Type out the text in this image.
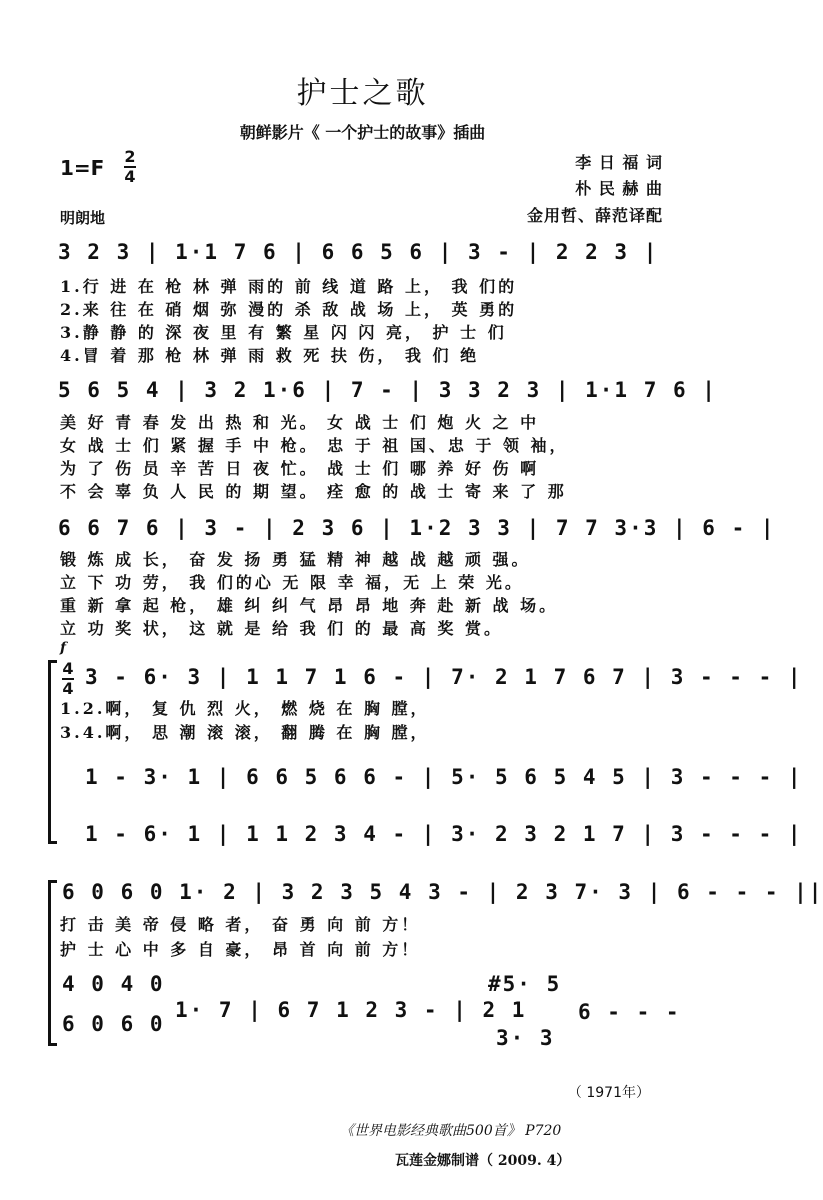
护士之歌
朝鲜影片《 一个护士的故事》插曲
1=F 2
4
李 日 福 词
朴 民 赫 曲
金用哲、薛范译配
明朗地
3 2 3 | 1·1 7 6 | 6 6 5 6 | 3 - | 2 2 3 |
1.行 进 在 枪 林 弹 雨的 前 线 道 路 上， 我 们的
2.来 往 在 硝 烟 弥 漫的 杀 敌 战 场 上， 英 勇的
3.静 静 的 深 夜 里 有 繁 星 闪 闪 亮， 护 士 们
4.冒 着 那 枪 林 弹 雨 救 死 扶 伤， 我 们 绝
5 6 5 4 | 3 2 1·6 | 7 - | 3 3 2 3 | 1·1 7 6 |
美 好 青 春 发 出 热 和 光。 女 战 士 们 炮 火 之 中
女 战 士 们 紧 握 手 中 枪。 忠 于 祖 国、忠 于 领 袖，
为 了 伤 员 辛 苦 日 夜 忙。 战 士 们 哪 养 好 伤 啊
不 会 辜 负 人 民 的 期 望。 痊 愈 的 战 士 寄 来 了 那
6 6 7 6 | 3 - | 2 3 6 | 1·2 3 3 | 7 7 3·3 | 6 - |
锻 炼 成 长， 奋 发 扬 勇 猛 精 神 越 战 越 顽 强。
立 下 功 劳， 我 们的心 无 限 幸 福，无 上 荣 光。
重 新 拿 起 枪， 雄 纠 纠 气 昂 昂 地 奔 赴 新 战 场。
立 功 奖 状， 这 就 是 给 我 们 的 最 高 奖 赏。
f
4
4 3 - 6· 3 | 1 1 7 1 6 - | 7· 2 1 7 6 7 | 3 - - - |
1.2.啊， 复 仇 烈 火， 燃 烧 在 胸 膛，
3.4.啊， 思 潮 滚 滚， 翻 腾 在 胸 膛，
1 - 3· 1 | 6 6 5 6 6 - | 5· 5 6 5 4 5 | 3 - - - |
1 - 6· 1 | 1 1 2 3 4 - | 3· 2 3 2 1 7 | 3 - - - |
6 0 6 0 1· 2 | 3 2 3 5 4 3 - | 2 3 7· 3 | 6 - - - ||
打 击 美 帝 侵 略 者， 奋 勇 向 前 方！
护 士 心 中 多 自 豪， 昂 首 向 前 方！
4 0 4 0
6 0 6 0
1· 7 | 6 7 1 2 3 - | 2 1
#5· 5
3· 3
6 - - -
（ 1971年）
《世界电影经典歌曲500首》 P720
瓦莲金娜制谱（ 2009. 4）
